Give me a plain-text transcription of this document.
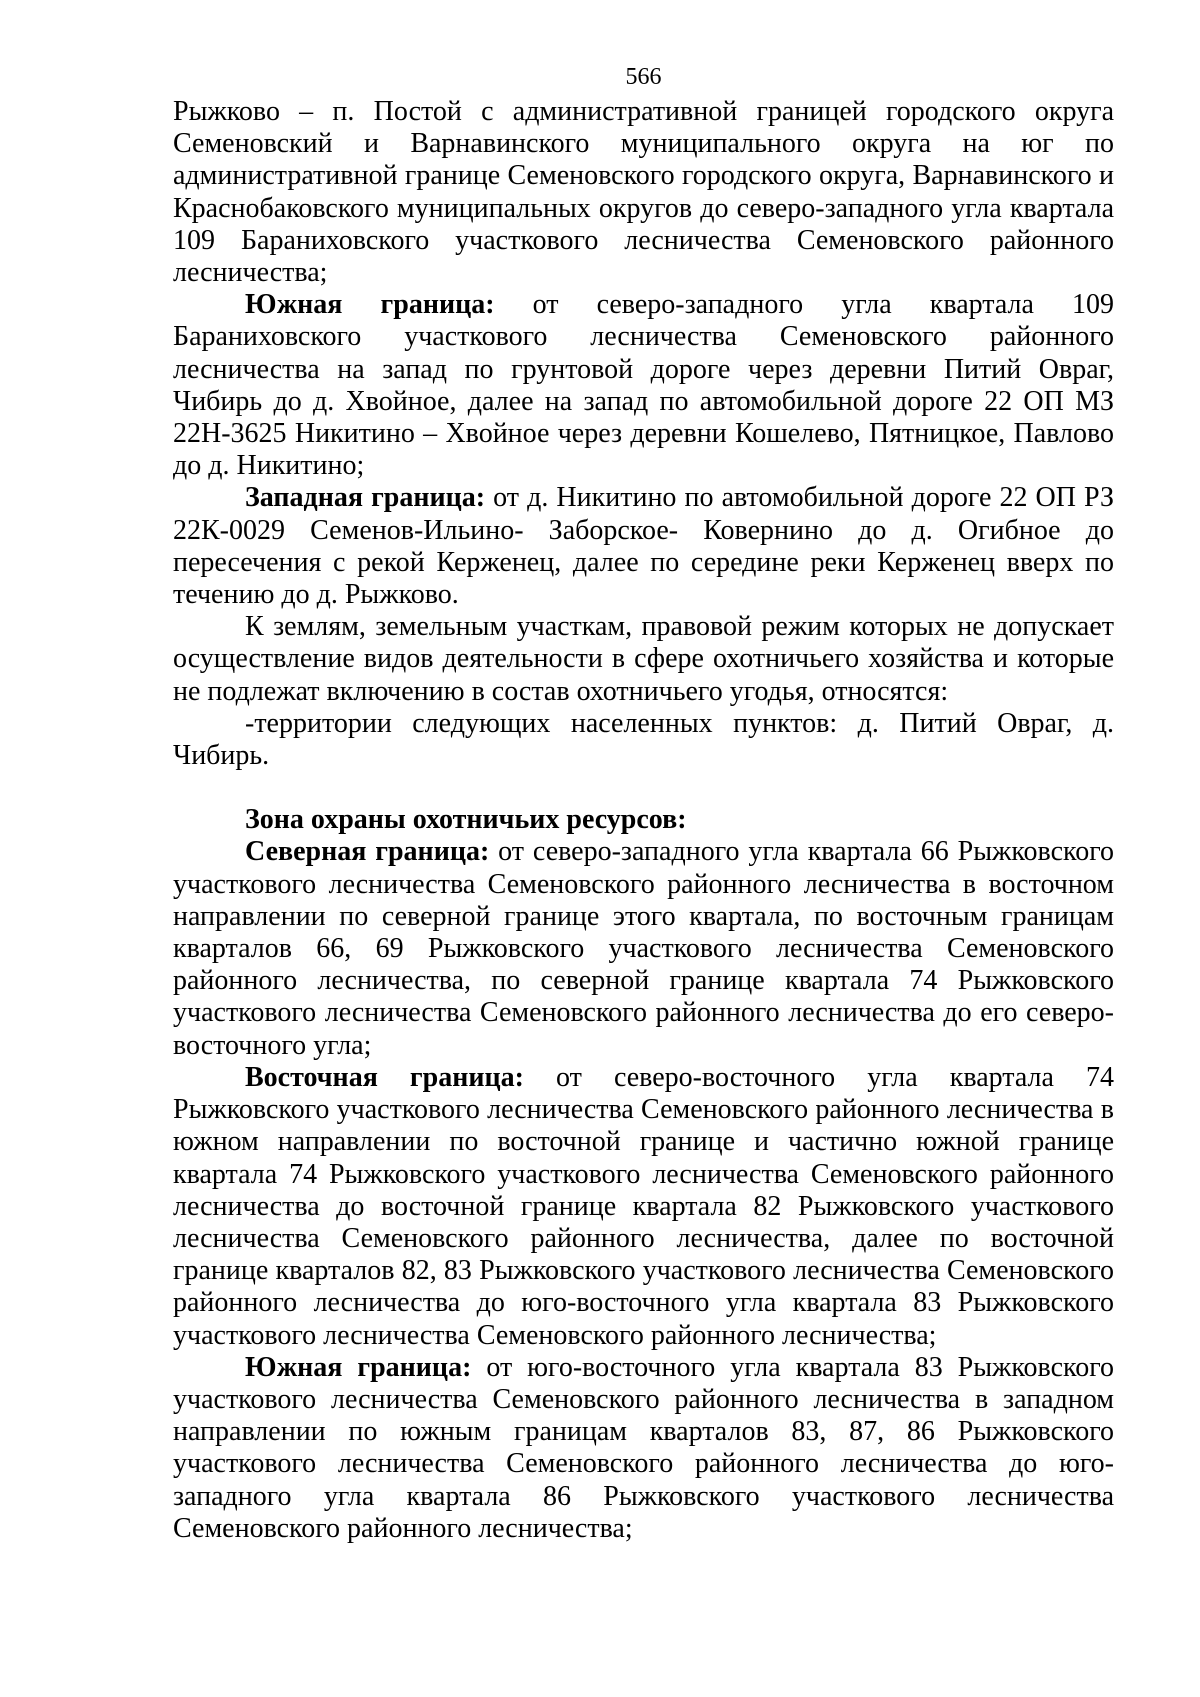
566

Рыжково – п. Постой с административной границей городского округа Семеновский и Варнавинского муниципального округа на юг по административной границе Семеновского городского округа, Варнавинского и Краснобаковского муниципальных округов до северо-западного угла квартала 109 Бараниховского участкового лесничества Семеновского районного лесничества;

Южная граница: от северо-западного угла квартала 109 Бараниховского участкового лесничества Семеновского районного лесничества на запад по грунтовой дороге через деревни Питий Овраг, Чибирь до д. Хвойное, далее на запад по автомобильной дороге 22 ОП МЗ 22Н-3625 Никитино – Хвойное через деревни Кошелево, Пятницкое, Павлово до д. Никитино;

Западная граница: от д. Никитино по автомобильной дороге 22 ОП РЗ 22К-0029 Семенов-Ильино- Заборское- Ковернино до д. Огибное до пересечения с рекой Керженец, далее по середине реки Керженец вверх по течению до д. Рыжково.

К землям, земельным участкам, правовой режим которых не допускает осуществление видов деятельности в сфере охотничьего хозяйства и которые не подлежат включению в состав охотничьего угодья, относятся:

-территории следующих населенных пунктов: д. Питий Овраг, д. Чибирь.

Зона охраны охотничьих ресурсов:

Северная граница: от северо-западного угла квартала 66 Рыжковского участкового лесничества Семеновского районного лесничества в восточном направлении по северной границе этого квартала, по восточным границам кварталов 66, 69 Рыжковского участкового лесничества Семеновского районного лесничества, по северной границе квартала 74 Рыжковского участкового лесничества Семеновского районного лесничества до его северо-восточного угла;

Восточная граница: от северо-восточного угла квартала 74 Рыжковского участкового лесничества Семеновского районного лесничества в южном направлении по восточной границе и частично южной границе квартала 74 Рыжковского участкового лесничества Семеновского районного лесничества до восточной границе квартала 82 Рыжковского участкового лесничества Семеновского районного лесничества, далее по восточной границе кварталов 82, 83 Рыжковского участкового лесничества Семеновского районного лесничества до юго-восточного угла квартала 83 Рыжковского участкового лесничества Семеновского районного лесничества;

Южная граница: от юго-восточного угла квартала 83 Рыжковского участкового лесничества Семеновского районного лесничества в западном направлении по южным границам кварталов 83, 87, 86 Рыжковского участкового лесничества Семеновского районного лесничества до юго-западного угла квартала 86 Рыжковского участкового лесничества Семеновского районного лесничества;
